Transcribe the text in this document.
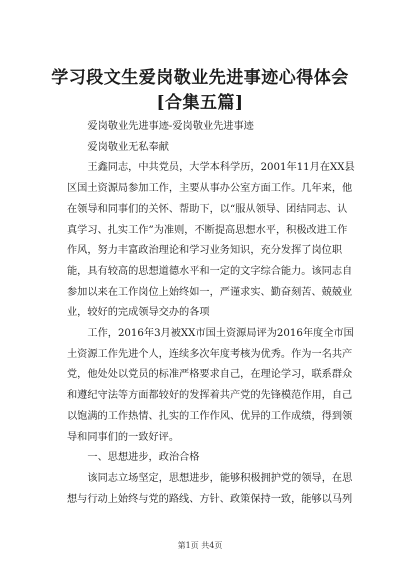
学习段文生爱岗敬业先进事迹心得体会[合集五篇]

爱岗敬业先进事迹-爱岗敬业先进事迹

爱岗敬业无私奉献

王鑫同志，中共党员，大学本科学历，2001年11月在XX县区国土资源局参加工作，主要从事办公室方面工作。几年来，他在领导和同事们的关怀、帮助下，以“服从领导、团结同志、认真学习、扎实工作”为准则，不断提高思想水平，积极改进工作作风，努力丰富政治理论和学习业务知识，充分发挥了岗位职能，具有较高的思想道德水平和一定的文字综合能力。该同志自参加以来在工作岗位上始终如一，严谨求实、勤奋刻苦、兢兢业业，较好的完成领导交办的各项

工作，2016年3月被XX市国土资源局评为2016年度全市国土资源工作先进个人，连续多次年度考核为优秀。作为一名共产党，他处处以党员的标准严格要求自己，在理论学习，联系群众和遵纪守法等方面都较好的发挥着共产党的先锋模范作用，自己以饱满的工作热情、扎实的工作作风、优异的工作成绩，得到领导和同事们的一致好评。

一、思想进步，政治合格

该同志立场坚定，思想进步，能够积极拥护党的领导，在思想与行动上始终与党的路线、方针、政策保持一致，能够以马列

第1页 共4页
